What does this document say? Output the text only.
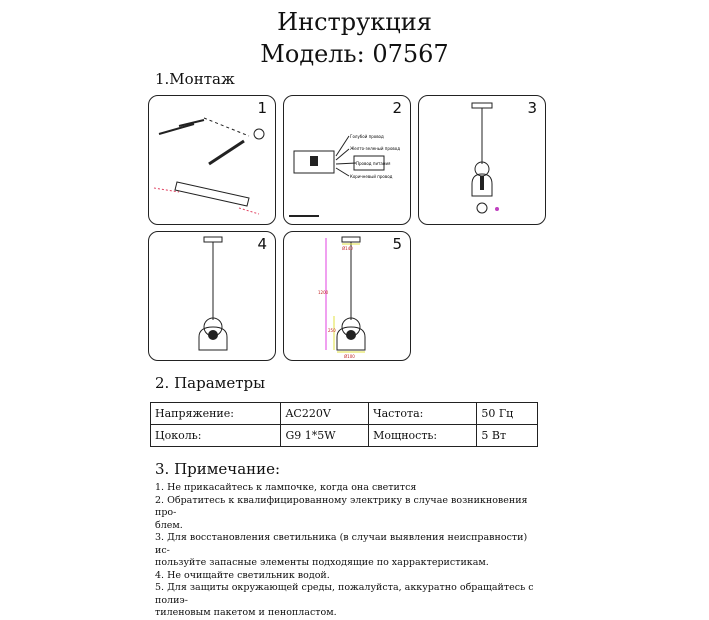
Инструкция
Модель: 07567
1.Монтаж
1	2
Голубой провод
Желто-зеленый провод
Провод питания
Коричневый провод
3
4	5
Ø140
1200
250
Ø100
2. Параметры
Напряжение:	AC220V	Частота:	50 Гц
Цоколь:	G9 1*5W	Мощность:	5 Вт
3. Примечание:
1. Не прикасайтесь к лампочке, когда она светится
2. Обратитесь к квалифицированному электрику в случае возникновения про-
блем.
3. Для восстановления светильника (в случаи выявления неисправности) ис-
пользуйте запасные элементы подходящие по харрактеристикам.
4. Не очищайте светильник водой.
5. Для защиты окружающей среды, пожалуйста, аккуратно обращайтесь с полиэ-
тиленовым пакетом и пенопластом.
